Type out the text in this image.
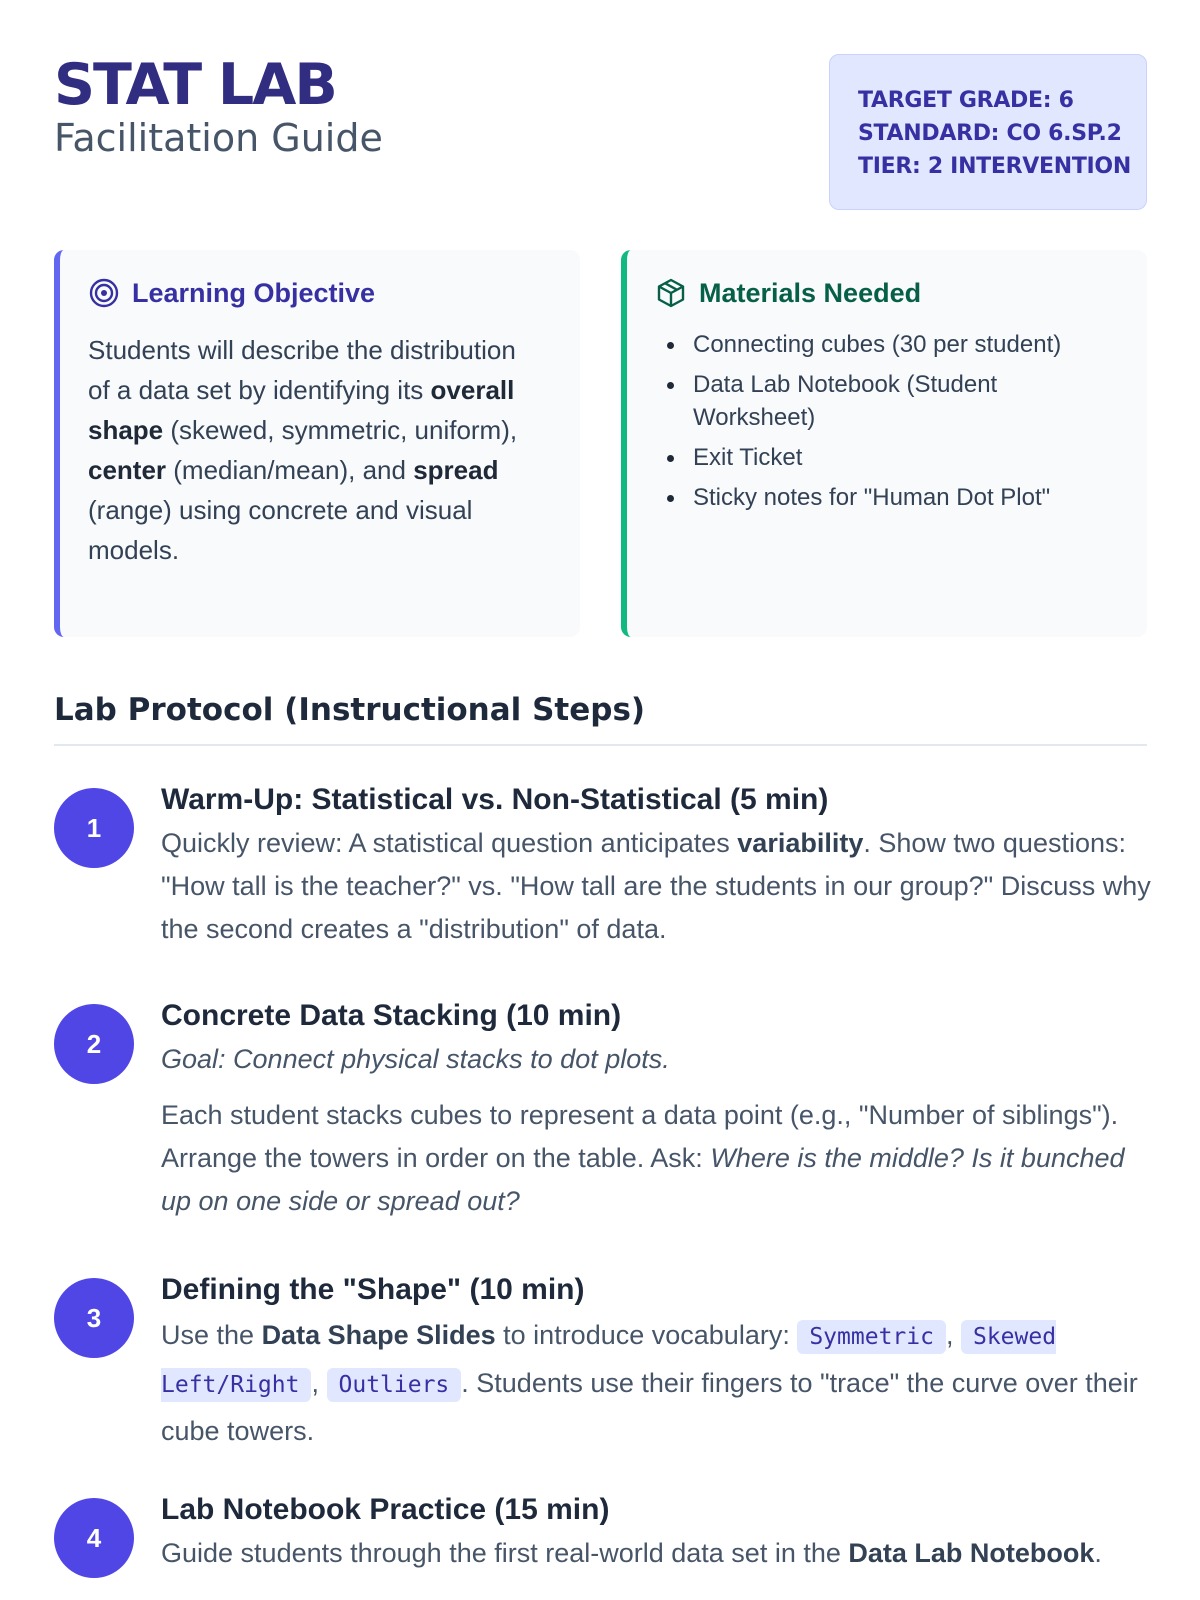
STAT LAB
Facilitation Guide
TARGET GRADE: 6
STANDARD: CO 6.SP.2
TIER: 2 INTERVENTION
Learning Objective
Students will describe the distribution of a data set by identifying its overall shape (skewed, symmetric, uniform), center (median/mean), and spread (range) using concrete and visual models.
Materials Needed
Connecting cubes (30 per student)
Data Lab Notebook (Student Worksheet)
Exit Ticket
Sticky notes for "Human Dot Plot"
Lab Protocol (Instructional Steps)
1
Warm-Up: Statistical vs. Non-Statistical (5 min)
Quickly review: A statistical question anticipates variability. Show two questions: "How tall is the teacher?" vs. "How tall are the students in our group?" Discuss why the second creates a "distribution" of data.
2
Concrete Data Stacking (10 min)
Goal: Connect physical stacks to dot plots.
Each student stacks cubes to represent a data point (e.g., "Number of siblings"). Arrange the towers in order on the table. Ask: Where is the middle? Is it bunched up on one side or spread out?
3
Defining the "Shape" (10 min)
Use the Data Shape Slides to introduce vocabulary: Symmetric , Skewed Left/Right , Outliers . Students use their fingers to "trace" the curve over their cube towers.
4
Lab Notebook Practice (15 min)
Guide students through the first real-world data set in the Data Lab Notebook.
